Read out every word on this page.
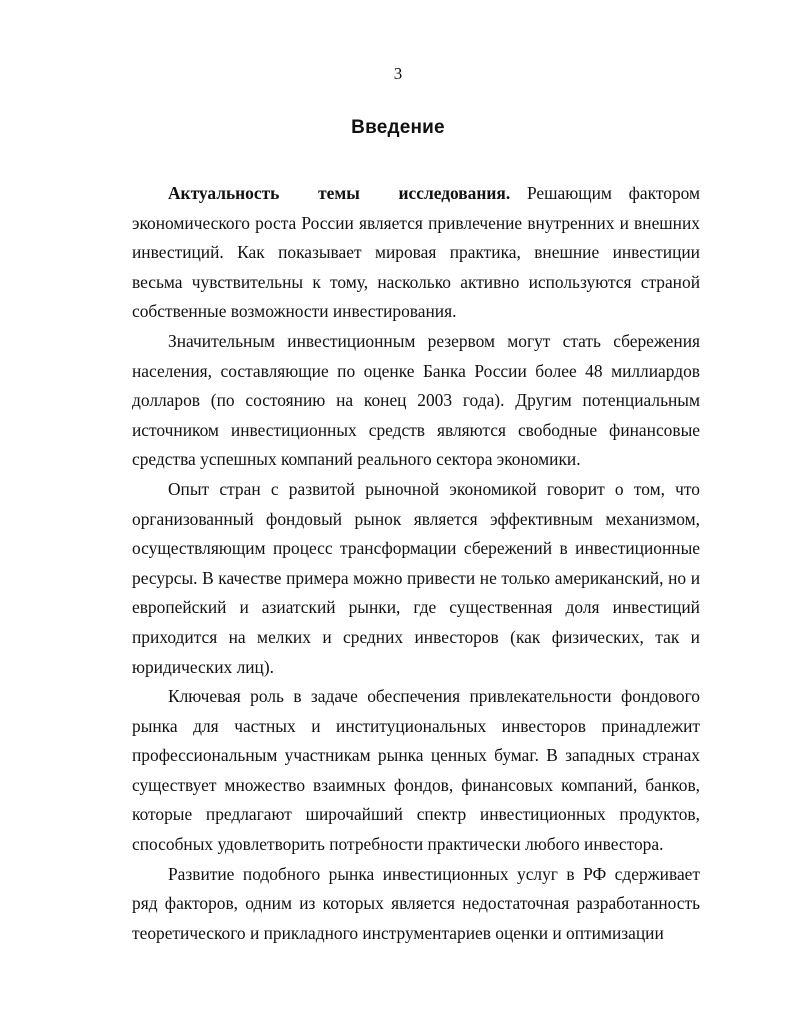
3
Введение

Актуальность темы исследования. Решающим фактором экономического роста России является привлечение внутренних и внешних инвестиций. Как показывает мировая практика, внешние инвестиции весьма чувствительны к тому, насколько активно используются страной собственные возможности инвестирования.

Значительным инвестиционным резервом могут стать сбережения населения, составляющие по оценке Банка России более 48 миллиардов долларов (по состоянию на конец 2003 года). Другим потенциальным источником инвестиционных средств являются свободные финансовые средства успешных компаний реального сектора экономики.

Опыт стран с развитой рыночной экономикой говорит о том, что организованный фондовый рынок является эффективным механизмом, осуществляющим процесс трансформации сбережений в инвестиционные ресурсы. В качестве примера можно привести не только американский, но и европейский и азиатский рынки, где существенная доля инвестиций приходится на мелких и средних инвесторов (как физических, так и юридических лиц).

Ключевая роль в задаче обеспечения привлекательности фондового рынка для частных и институциональных инвесторов принадлежит профессиональным участникам рынка ценных бумаг. В западных странах существует множество взаимных фондов, финансовых компаний, банков, которые предлагают широчайший спектр инвестиционных продуктов, способных удовлетворить потребности практически любого инвестора.

Развитие подобного рынка инвестиционных услуг в РФ сдерживает ряд факторов, одним из которых является недостаточная разработанность теоретического и прикладного инструментариев оценки и оптимизации
